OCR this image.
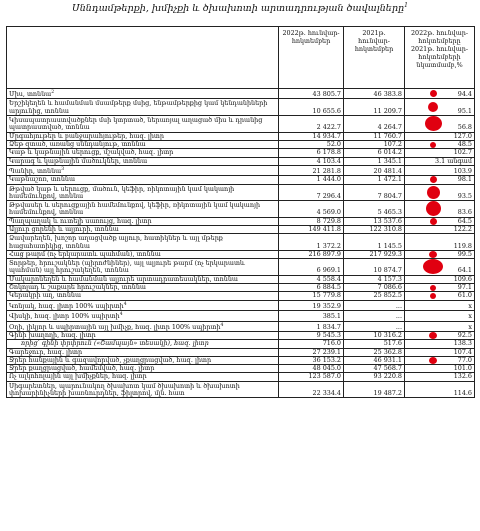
Սննդամթերքի, խմիչքի և ծխախոտի արտադրության ծավալները$^1$
	2022թ. հունվար-հոկտեմբեր	2021թ. հունվար-հոկտեմբեր	2022թ. հունվար-հոկտեմբերը 2021թ. հունվար-հոկտեմբերի նկատմամբ,%
Միս, տոննա$^2$	43 805.7	46 383.8	94.4
Երշիկեղեն և համանման մսամթերք մսից, ենթամթերքից կամ կենդանիների արյունից, տոննա	10 655.6	11 209.7	95.1
Կիսապատրաստվածքներ մսի կտրտած, ներառյալ աղացած միս և դրանից պատրաստված, տոննա	2 422.7	4 264.7	56.8
Մրգահյութեր և բանջարահյութեր, հազ. լիտր	14 934.7	11 760.7	127.0
Ձեթ զտած, առանց սննդանյութ, տոննա	52.0	107.2	48.5
Կաթ և կաթնային սերուցք, մշակված, հազ. լիտր	6 178.8	6 014.2	102.7
Կարագ և կաթնային մածուկներ, տոննա	4 103.4	1 345.1	3.1 անգամ
Պանիր, տոննա$^3$	21 281.8	20 481.4	103.9
Կաթնաշոռ, տոննա	1 444.0	1 472.1	98.1
Թթված կաթ և սերուցք, մածուն, կեֆիր, ռիկոտային կամ կակաոյի համեմունքով, տոննա	7 296.4	7 804.7	93.5
Թթվասեր և սերուցքային համեմունքով, կեֆիր, ռիկոտային կամ կակաոյի համեմունքով, տոննա	4 569.0	5 465.3	83.6
Պաղպաղակ և ուտելի սառույց, հազ. լիտր	8 729.8	13 537.6	64.5
Ալյուր ցորենի և ալյուրի, տոննա	149 411.8	122 310.8	122.2
Ձավարեղեն, խոշոր աղացվածք ալյուր, հատիկներ և այլ մթերք հացահատիկից, տոննա	1 372.2	1 145.5	119.8
Հաց թարմ (ոչ երկարատև պահման), տոննա	216 897.9	217 929.3	99.5
Տորթեր, հրուշակներ (պիրոժնիներ), այլ ալյուրե թարմ (ոչ երկարատև պահման) այլ հրուշակեղեն, տոննա	6 969.1	10 874.7	64.1
Մակարոնեղեն և համանման ալյուրե արտադրատեսակներ, տոննա	4 558.4	4 157.3	109.6
Շոկոլադ և շաքարե հրուշակներ, տոննա	6 884.5	7 086.6	97.1
Կերակրի աղ, տոննա	15 779.8	25 852.5	61.0
Կոնյակ, հազ. լիտր 100% սպիրտի$^4$	19 352.9	...	x
Վիսկի, հազ. լիտր 100% սպիրտի$^4$	385.1	...	x
Օղի, լիկյոր և սպիրտային այլ խմիչք, հազ. լիտր 100% սպիրտի$^4$	1 834.7	...	x
Գինի խաղողի, հազ. լիտր	9 545.3	10 316.2	92.5
որից՝ գինի փրփրուն («Շամպայն» տեսակի), հազ. լիտր	716.0	517.6	138.3
Գարեջուր, հազ. լիտր	27 239.1	25 362.8	107.4
Ջրեր հանքային և գազավորված, չքաղցրացված, հազ. լիտր	36 153.2	46 931.1	77.0
Ջրեր քաղցրացված, համեմված, հազ. լիտր	48 045.0	47 568.7	101.0
Ոչ ալկոհոլային այլ խմիչքներ, հազ. լիտր	123 587.0	93 220.8	132.6
Սիգարետներ, պարունակող ծխախոտ կամ ծխախոտի և ծխախոտի փոխարինիչների խառնուրդներ, ֆիլտրով, մլն. հատ	22 334.4	19 487.2	114.6
